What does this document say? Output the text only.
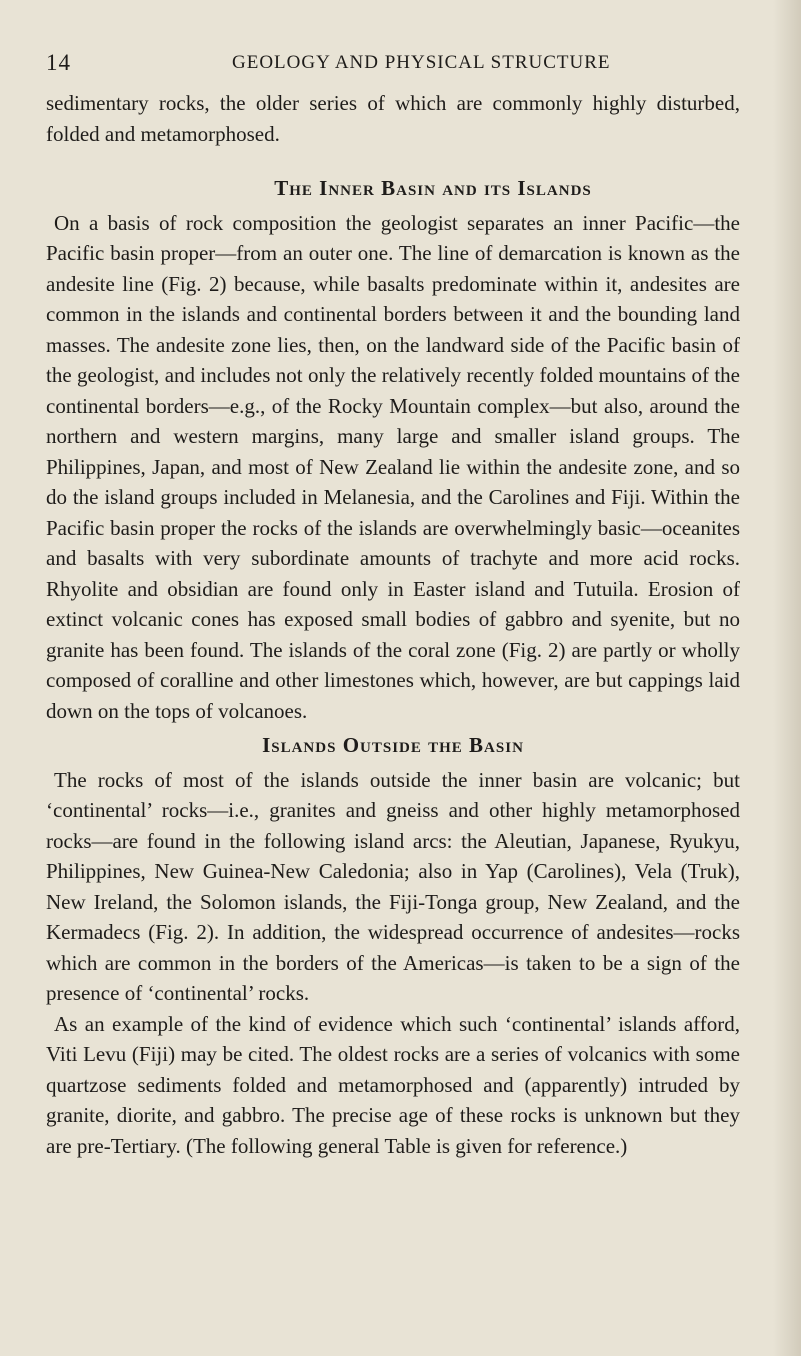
14	GEOLOGY AND PHYSICAL STRUCTURE

sedimentary rocks, the older series of which are commonly highly disturbed, folded and metamorphosed.

The Inner Basin and its Islands

On a basis of rock composition the geologist separates an inner Pacific—the Pacific basin proper—from an outer one. The line of demarcation is known as the andesite line (Fig. 2) because, while basalts predominate within it, andesites are common in the islands and continental borders between it and the bounding land masses. The andesite zone lies, then, on the landward side of the Pacific basin of the geologist, and includes not only the relatively recently folded mountains of the continental borders—e.g., of the Rocky Mountain complex—but also, around the northern and western margins, many large and smaller island groups. The Philippines, Japan, and most of New Zealand lie within the andesite zone, and so do the island groups included in Melanesia, and the Carolines and Fiji. Within the Pacific basin proper the rocks of the islands are overwhelmingly basic—oceanites and basalts with very subordinate amounts of trachyte and more acid rocks. Rhyolite and obsidian are found only in Easter island and Tutuila. Erosion of extinct volcanic cones has exposed small bodies of gabbro and syenite, but no granite has been found. The islands of the coral zone (Fig. 2) are partly or wholly composed of coralline and other limestones which, however, are but cappings laid down on the tops of volcanoes.

Islands Outside the Basin

The rocks of most of the islands outside the inner basin are volcanic; but ‘continental’ rocks—i.e., granites and gneiss and other highly metamorphosed rocks—are found in the following island arcs: the Aleutian, Japanese, Ryukyu, Philippines, New Guinea-New Caledonia; also in Yap (Carolines), Vela (Truk), New Ireland, the Solomon islands, the Fiji-Tonga group, New Zealand, and the Kermadecs (Fig. 2). In addition, the widespread occurrence of andesites—rocks which are common in the borders of the Americas—is taken to be a sign of the presence of ‘continental’ rocks.

As an example of the kind of evidence which such ‘continental’ islands afford, Viti Levu (Fiji) may be cited. The oldest rocks are a series of volcanics with some quartzose sediments folded and metamorphosed and (apparently) intruded by granite, diorite, and gabbro. The precise age of these rocks is unknown but they are pre-Tertiary. (The following general Table is given for reference.)
